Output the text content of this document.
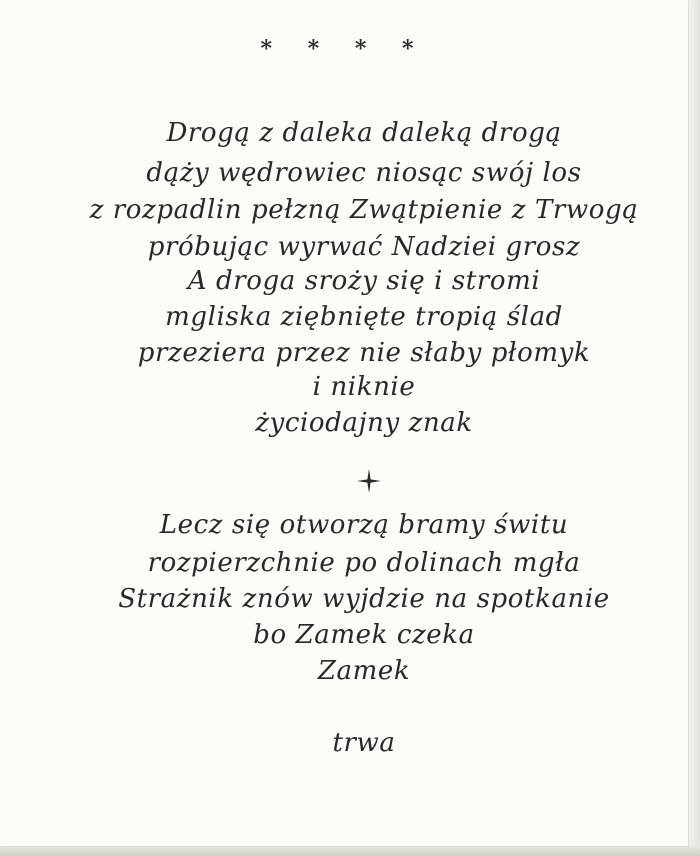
* * * *
Drogą z daleka daleką drogą
dąży wędrowiec niosąc swój los
z rozpadlin pełzną Zwątpienie z Trwogą
próbując wyrwać Nadziei grosz
A droga sroży się i stromi
mgliska ziębnięte tropią ślad
przeziera przez nie słaby płomyk
i niknie
życiodajny znak
Lecz się otworzą bramy świtu
rozpierzchnie po dolinach mgła
Strażnik znów wyjdzie na spotkanie
bo Zamek czeka
Zamek
trwa
